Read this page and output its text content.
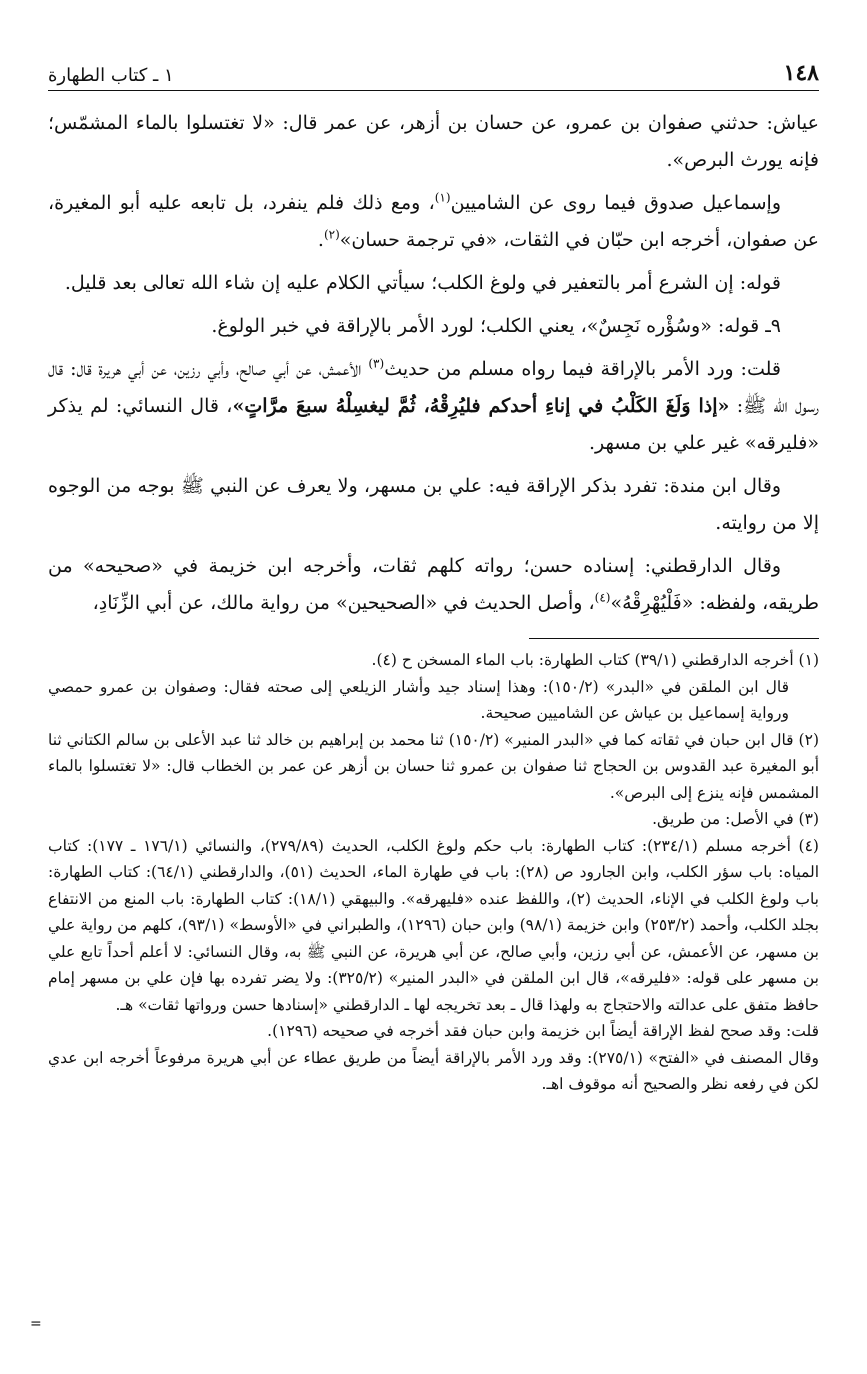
١٤٨
١ ـ كتاب الطهارة

عياش: حدثني صفوان بن عمرو، عن حسان بن أزهر، عن عمر قال: «لا تغتسلوا بالماء المشمّس؛ فإنه يورث البرص».

وإسماعيل صدوق فيما روى عن الشاميين$^{(١)}$، ومع ذلك فلم ينفرد، بل تابعه عليه أبو المغيرة، عن صفوان، أخرجه ابن حبّان في الثقات، «في ترجمة حسان»$^{(٢)}$.

قوله: إن الشرع أمر بالتعفير في ولوغ الكلب؛ سيأتي الكلام عليه إن شاء الله تعالى بعد قليل.

٩ـ قوله: «وسُؤْره نَجِسٌ»، يعني الكلب؛ لورد الأمر بالإراقة في خبر الولوغ.

قلت: ورد الأمر بالإراقة فيما رواه مسلم من حديث$^{(٣)}$ الأعمش، عن أبي صالح، وأبي رزين، عن أبي هريرة قال: قال رسول الله ﷺ: «إذا وَلَغَ الكَلْبُ في إناءِ أحدكم فليُرِقْهُ، ثُمَّ ليغسِلْهُ سبعَ مرَّاتٍ»، قال النسائي: لم يذكر «فليرقه» غير علي بن مسهر.

وقال ابن مندة: تفرد بذكر الإراقة فيه: علي بن مسهر، ولا يعرف عن النبي ﷺ بوجه من الوجوه إلا من روايته.

وقال الدارقطني: إسناده حسن؛ رواته كلهم ثقات، وأخرجه ابن خزيمة في «صحيحه» من طريقه، ولفظه: «فَلْيُهْرِقْهُ»$^{(٤)}$، وأصل الحديث في «الصحيحين» من رواية مالك، عن أبي الزِّنَادِ،

(١) أخرجه الدارقطني (٣٩/١) كتاب الطهارة: باب الماء المسخن ح (٤).

قال ابن الملقن في «البدر» (١٥٠/٢): وهذا إسناد جيد وأشار الزيلعي إلى صحته فقال: وصفوان بن عمرو حمصي ورواية إسماعيل بن عياش عن الشاميين صحيحة.

(٢) قال ابن حبان في ثقاته كما في «البدر المنير» (١٥٠/٢) ثنا محمد بن إبراهيم بن خالد ثنا عبد الأعلى بن سالم الكتاني ثنا أبو المغيرة عبد القدوس بن الحجاج ثنا صفوان بن عمرو ثنا حسان بن أزهر عن عمر بن الخطاب قال: «لا تغتسلوا بالماء المشمس فإنه ينزع إلى البرص».

(٣) في الأصل: من طريق.

(٤) أخرجه مسلم (٢٣٤/١): كتاب الطهارة: باب حكم ولوغ الكلب، الحديث (٢٧٩/٨٩)، والنسائي (١٧٦/١ ـ ١٧٧): كتاب المياه: باب سؤر الكلب، وابن الجارود ص (٢٨): باب في طهارة الماء، الحديث (٥١)، والدارقطني (٦٤/١): كتاب الطهارة: باب ولوغ الكلب في الإناء، الحديث (٢)، واللفظ عنده «فليهرقه». والبيهقي (١٨/١): كتاب الطهارة: باب المنع من الانتفاع بجلد الكلب، وأحمد (٢٥٣/٢) وابن خزيمة (٩٨/١) وابن حبان (١٢٩٦)، والطبراني في «الأوسط» (٩٣/١)، كلهم من رواية علي بن مسهر، عن الأعمش، عن أبي رزين، وأبي صالح، عن أبي هريرة، عن النبي ﷺ به، وقال النسائي: لا أعلم أحداً تابع علي بن مسهر على قوله: «فليرقه»، قال ابن الملقن في «البدر المنير» (٣٢٥/٢): ولا يضر تفرده بها فإن علي بن مسهر إمام حافظ متفق على عدالته والاحتجاج به ولهذا قال ـ بعد تخريجه لها ـ الدارقطني «إسنادها حسن ورواتها ثقات» هـ.

قلت: وقد صحح لفظ الإراقة أيضاً ابن خزيمة وابن حبان فقد أخرجه في صحيحه (١٢٩٦).

وقال المصنف في «الفتح» (٢٧٥/١): وقد ورد الأمر بالإراقة أيضاً من طريق عطاء عن أبي هريرة مرفوعاً أخرجه ابن عدي لكن في رفعه نظر والصحيح أنه موقوف اهـ.

=
